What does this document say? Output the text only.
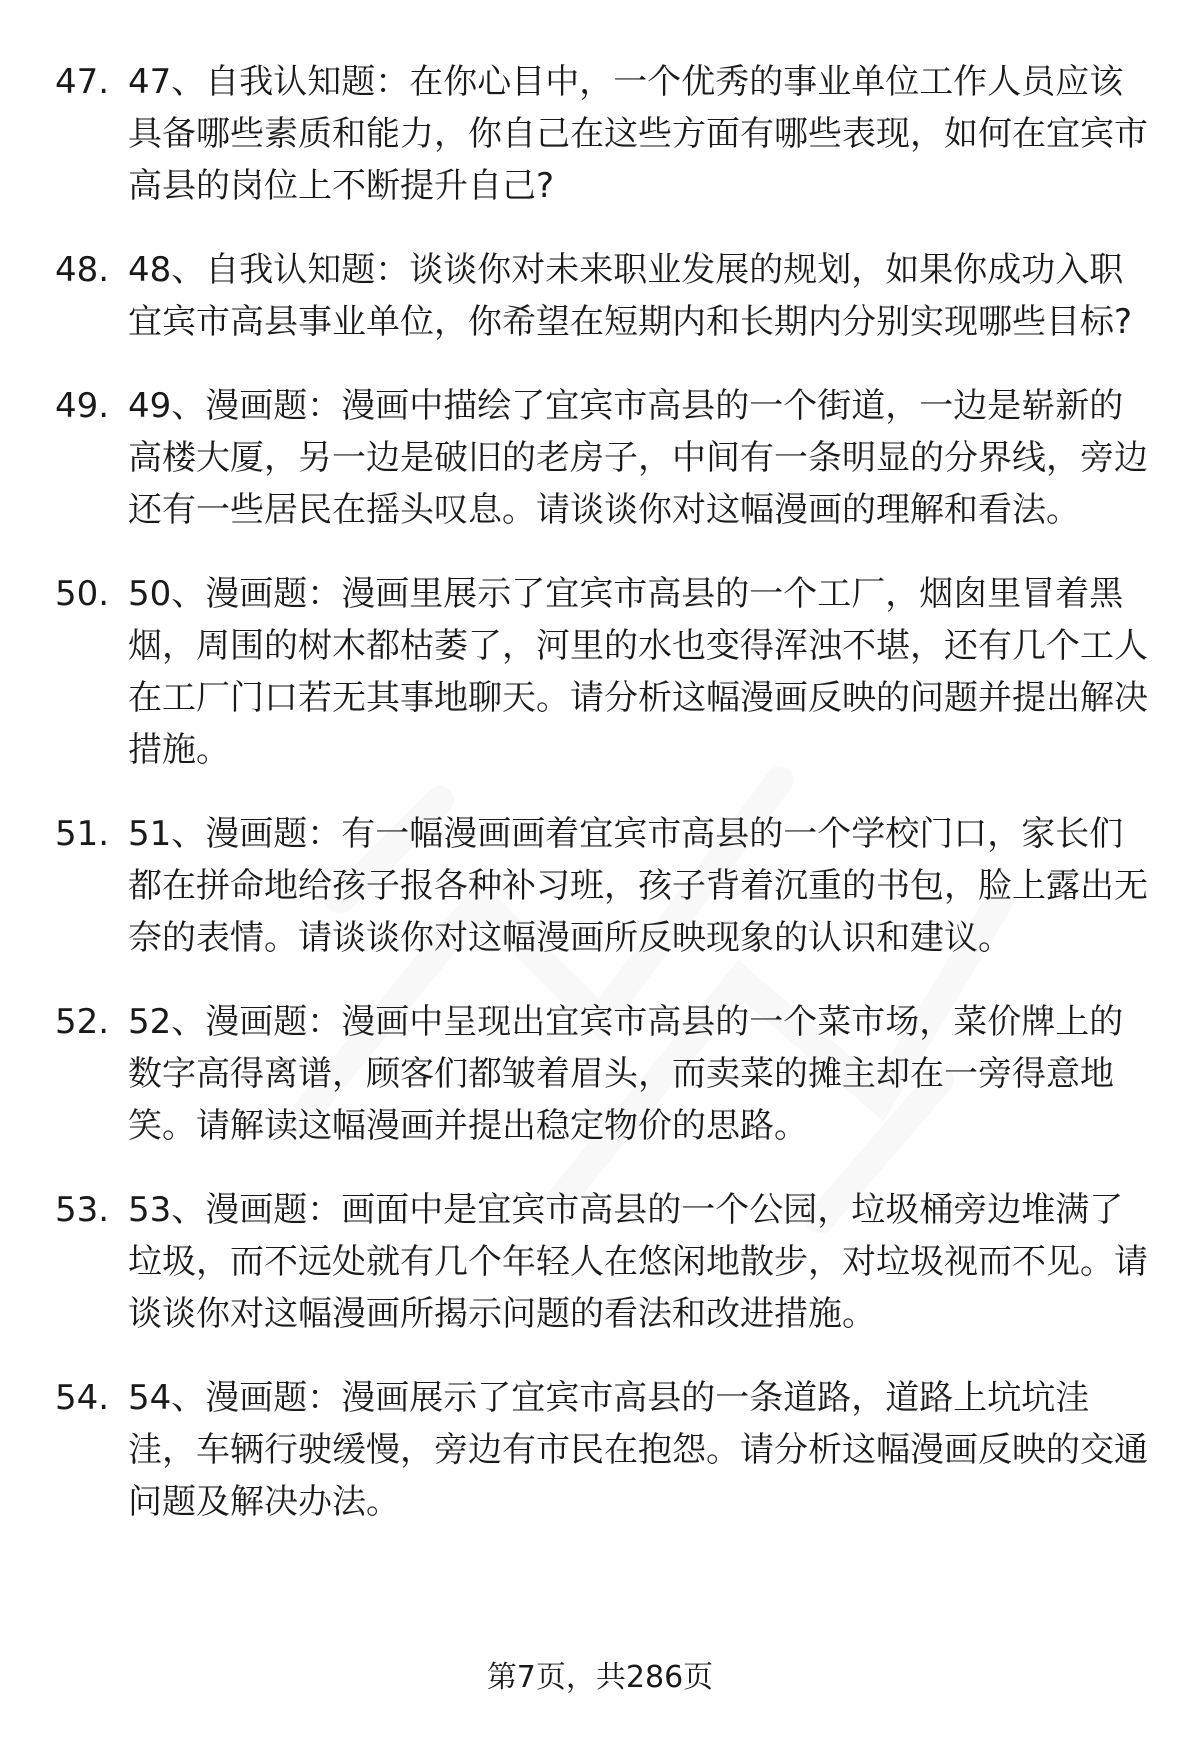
47. 47、自我认知题：在你心目中，一个优秀的事业单位工作人员应该具备哪些素质和能力，你自己在这些方面有哪些表现，如何在宜宾市高县的岗位上不断提升自己?
48. 48、自我认知题：谈谈你对未来职业发展的规划，如果你成功入职宜宾市高县事业单位，你希望在短期内和长期内分别实现哪些目标?
49. 49、漫画题：漫画中描绘了宜宾市高县的一个街道，一边是崭新的高楼大厦，另一边是破旧的老房子，中间有一条明显的分界线，旁边还有一些居民在摇头叹息。请谈谈你对这幅漫画的理解和看法。
50. 50、漫画题：漫画里展示了宜宾市高县的一个工厂，烟囱里冒着黑烟，周围的树木都枯萎了，河里的水也变得浑浊不堪，还有几个工人在工厂门口若无其事地聊天。请分析这幅漫画反映的问题并提出解决措施。
51. 51、漫画题：有一幅漫画画着宜宾市高县的一个学校门口，家长们都在拼命地给孩子报各种补习班，孩子背着沉重的书包，脸上露出无奈的表情。请谈谈你对这幅漫画所反映现象的认识和建议。
52. 52、漫画题：漫画中呈现出宜宾市高县的一个菜市场，菜价牌上的数字高得离谱，顾客们都皱着眉头，而卖菜的摊主却在一旁得意地笑。请解读这幅漫画并提出稳定物价的思路。
53. 53、漫画题：画面中是宜宾市高县的一个公园，垃圾桶旁边堆满了垃圾，而不远处就有几个年轻人在悠闲地散步，对垃圾视而不见。请谈谈你对这幅漫画所揭示问题的看法和改进措施。
54. 54、漫画题：漫画展示了宜宾市高县的一条道路，道路上坑坑洼洼，车辆行驶缓慢，旁边有市民在抱怨。请分析这幅漫画反映的交通问题及解决办法。
第7页，共286页
